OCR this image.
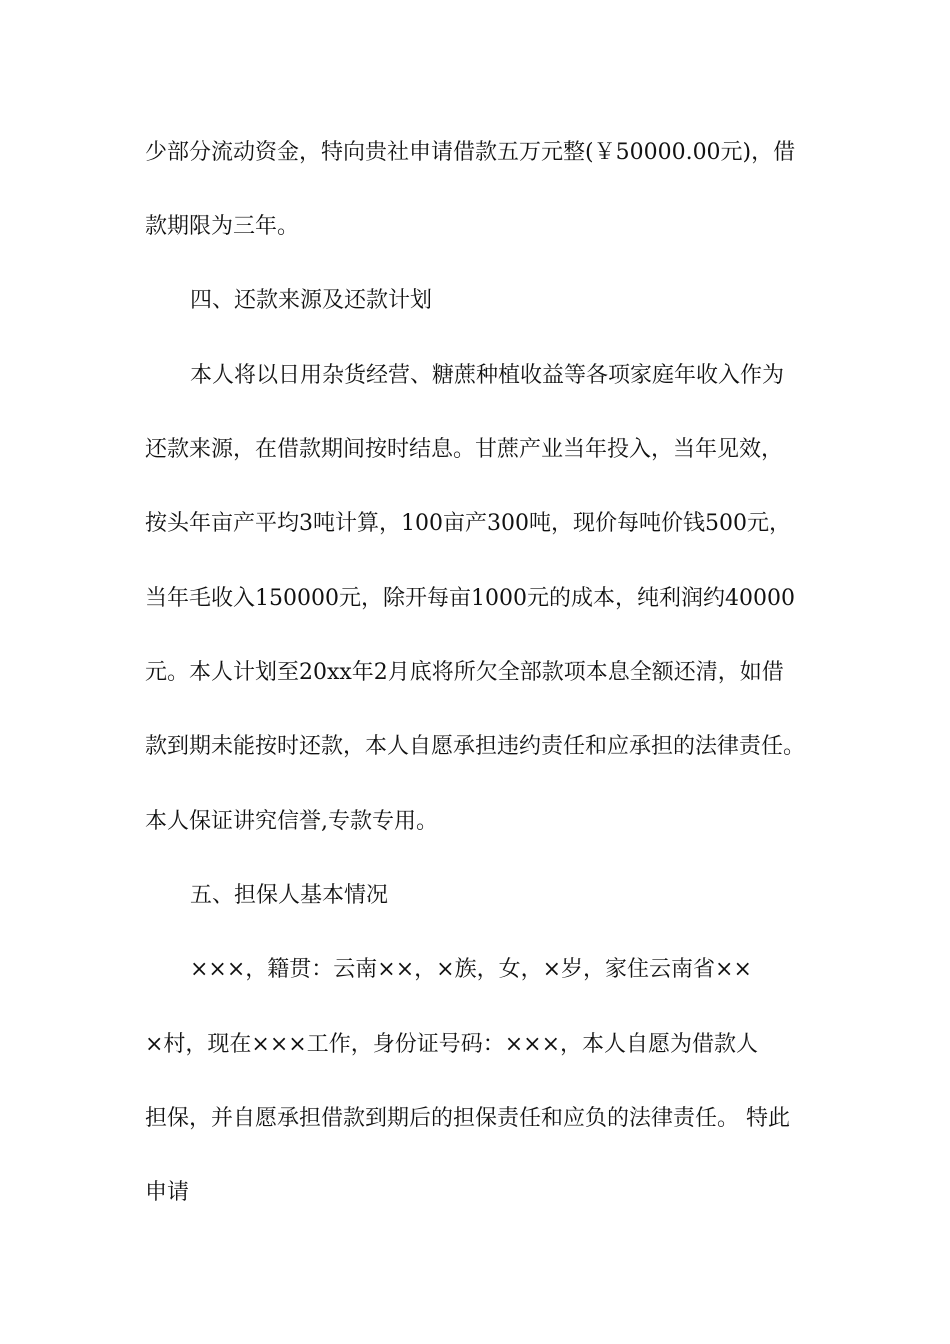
少部分流动资金，特向贵社申请借款五万元整(￥50000.00元)，借
款期限为三年。
四、还款来源及还款计划
本人将以日用杂货经营、糖蔗种植收益等各项家庭年收入作为
还款来源，在借款期间按时结息。甘蔗产业当年投入，当年见效，
按头年亩产平均3吨计算，100亩产300吨，现价每吨价钱500元，
当年毛收入150000元，除开每亩1000元的成本，纯利润约40000
元。本人计划至20xx年2月底将所欠全部款项本息全额还清，如借
款到期未能按时还款，本人自愿承担违约责任和应承担的法律责任。
本人保证讲究信誉,专款专用。
五、担保人基本情况
×××，籍贯：云南××，×族，女，×岁，家住云南省××
×村，现在×××工作，身份证号码：×××，本人自愿为借款人
担保，并自愿承担借款到期后的担保责任和应负的法律责任。 特此
申请
